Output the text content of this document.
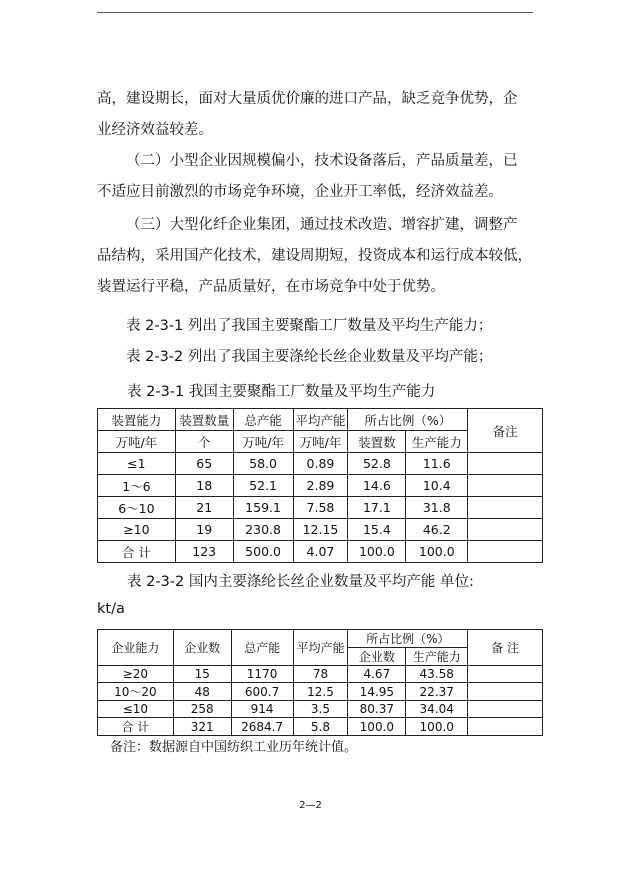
高，建设期长，面对大量质优价廉的进口产品，缺乏竞争优势，企
业经济效益较差。
（二）小型企业因规模偏小，技术设备落后，产品质量差，已
不适应目前激烈的市场竞争环境，企业开工率低，经济效益差。
（三）大型化纤企业集团，通过技术改造、增容扩建，调整产
品结构，采用国产化技术，建设周期短，投资成本和运行成本较低，
装置运行平稳，产品质量好，在市场竞争中处于优势。
表 2-3-1 列出了我国主要聚酯工厂数量及平均生产能力；
表 2-3-2 列出了我国主要涤纶长丝企业数量及平均产能；
表 2-3-1 我国主要聚酯工厂数量及平均生产能力
装置能力	装置数量	总产能	平均产能	所占比例（%）		备注
万吨/年	个	万吨/年	万吨/年	装置数	生产能力	
≤1	65	58.0	0.89	52.8	11.6	
1～6	18	52.1	2.89	14.6	10.4	
6～10	21	159.1	7.58	17.1	31.8	
≥10	19	230.8	12.15	15.4	46.2	
合 计	123	500.0	4.07	100.0	100.0	
表 2-3-2 国内主要涤纶长丝企业数量及平均产能 单位:
kt/a
企业能力	企业数	总产能	平均产能	所占比例（%）		备 注
				企业数	生产能力	
≥20	15	1170	78	4.67	43.58	
10～20	48	600.7	12.5	14.95	22.37	
≤10	258	914	3.5	80.37	34.04	
合 计	321	2684.7	5.8	100.0	100.0	
备注：数据源自中国纺织工业历年统计值。
2—2
